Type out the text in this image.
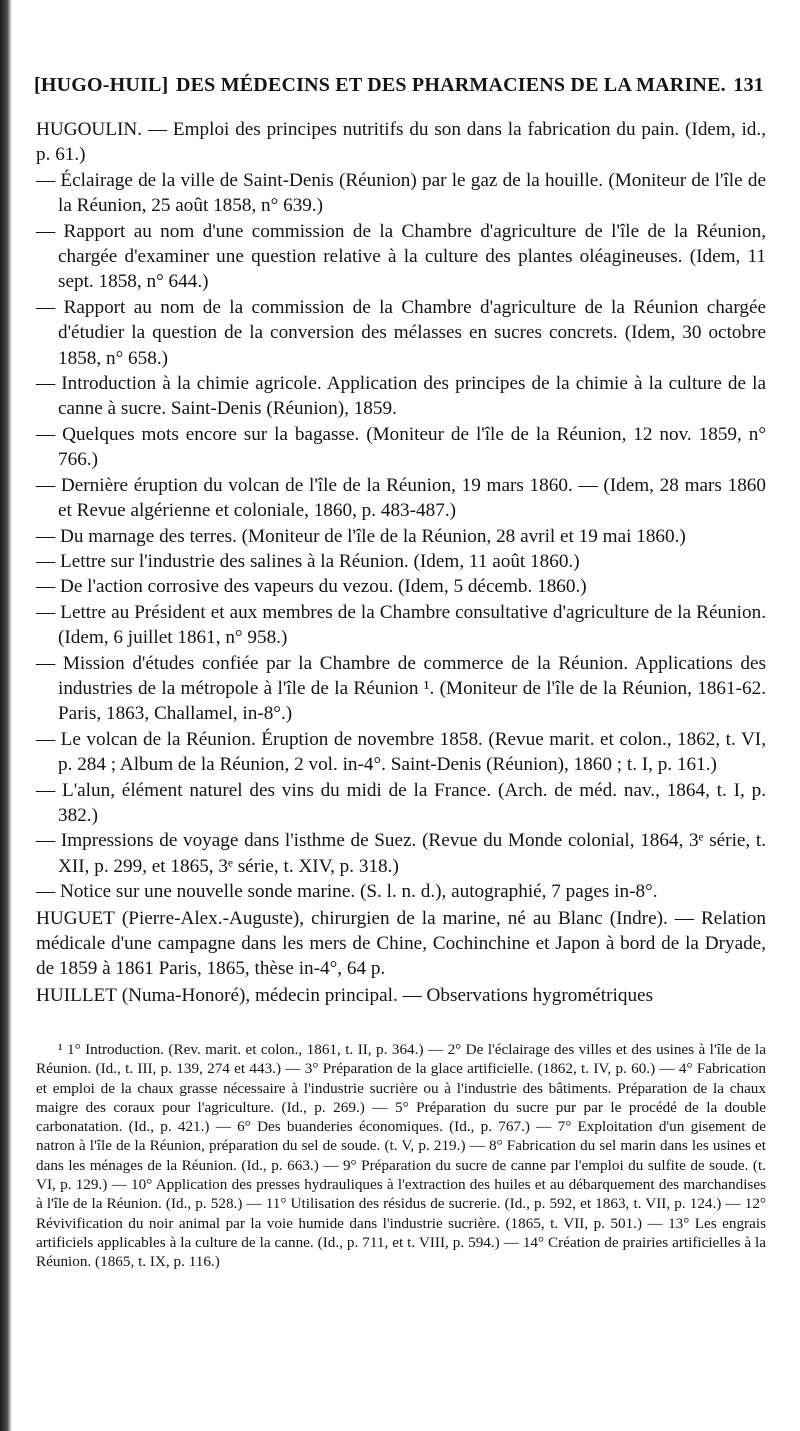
[HUGO-HUIL] DES MÉDECINS ET DES PHARMACIENS DE LA MARINE. 131

HUGOULIN. — Emploi des principes nutritifs du son dans la fabrication du pain. (Idem, id., p. 61.)

— Éclairage de la ville de Saint-Denis (Réunion) par le gaz de la houille. (Moniteur de l'île de la Réunion, 25 août 1858, n° 639.)

— Rapport au nom d'une commission de la Chambre d'agriculture de l'île de la Réunion, chargée d'examiner une question relative à la culture des plantes oléagineuses. (Idem, 11 sept. 1858, n° 644.)

— Rapport au nom de la commission de la Chambre d'agriculture de la Réunion chargée d'étudier la question de la conversion des mélasses en sucres concrets. (Idem, 30 octobre 1858, n° 658.)

— Introduction à la chimie agricole. Application des principes de la chimie à la culture de la canne à sucre. Saint-Denis (Réunion), 1859.

— Quelques mots encore sur la bagasse. (Moniteur de l'île de la Réunion, 12 nov. 1859, n° 766.)

— Dernière éruption du volcan de l'île de la Réunion, 19 mars 1860. — (Idem, 28 mars 1860 et Revue algérienne et coloniale, 1860, p. 483-487.)

— Du marnage des terres. (Moniteur de l'île de la Réunion, 28 avril et 19 mai 1860.)

— Lettre sur l'industrie des salines à la Réunion. (Idem, 11 août 1860.)

— De l'action corrosive des vapeurs du vezou. (Idem, 5 décemb. 1860.)

— Lettre au Président et aux membres de la Chambre consultative d'agriculture de la Réunion. (Idem, 6 juillet 1861, n° 958.)

— Mission d'études confiée par la Chambre de commerce de la Réunion. Applications des industries de la métropole à l'île de la Réunion ¹. (Moniteur de l'île de la Réunion, 1861-62. Paris, 1863, Challamel, in-8°.)

— Le volcan de la Réunion. Éruption de novembre 1858. (Revue marit. et colon., 1862, t. VI, p. 284 ; Album de la Réunion, 2 vol. in-4°. Saint-Denis (Réunion), 1860 ; t. I, p. 161.)

— L'alun, élément naturel des vins du midi de la France. (Arch. de méd. nav., 1864, t. I, p. 382.)

— Impressions de voyage dans l'isthme de Suez. (Revue du Monde colonial, 1864, 3ᵉ série, t. XII, p. 299, et 1865, 3ᵉ série, t. XIV, p. 318.)

— Notice sur une nouvelle sonde marine. (S. l. n. d.), autographié, 7 pages in-8°.

HUGUET (Pierre-Alex.-Auguste), chirurgien de la marine, né au Blanc (Indre). — Relation médicale d'une campagne dans les mers de Chine, Cochinchine et Japon à bord de la Dryade, de 1859 à 1861 Paris, 1865, thèse in-4°, 64 p.

HUILLET (Numa-Honoré), médecin principal. — Observations hygrométriques

¹ 1° Introduction. (Rev. marit. et colon., 1861, t. II, p. 364.) — 2° De l'éclairage des villes et des usines à l'île de la Réunion. (Id., t. III, p. 139, 274 et 443.) — 3° Préparation de la glace artificielle. (1862, t. IV, p. 60.) — 4° Fabrication et emploi de la chaux grasse nécessaire à l'industrie sucrière ou à l'industrie des bâtiments. Préparation de la chaux maigre des coraux pour l'agriculture. (Id., p. 269.) — 5° Préparation du sucre pur par le procédé de la double carbonatation. (Id., p. 421.) — 6° Des buanderies économiques. (Id., p. 767.) — 7° Exploitation d'un gisement de natron à l'île de la Réunion, préparation du sel de soude. (t. V, p. 219.) — 8° Fabrication du sel marin dans les usines et dans les ménages de la Réunion. (Id., p. 663.) — 9° Préparation du sucre de canne par l'emploi du sulfite de soude. (t. VI, p. 129.) — 10° Application des presses hydrauliques à l'extraction des huiles et au débarquement des marchandises à l'île de la Réunion. (Id., p. 528.) — 11° Utilisation des résidus de sucrerie. (Id., p. 592, et 1863, t. VII, p. 124.) — 12° Révivification du noir animal par la voie humide dans l'industrie sucrière. (1865, t. VII, p. 501.) — 13° Les engrais artificiels applicables à la culture de la canne. (Id., p. 711, et t. VIII, p. 594.) — 14° Création de prairies artificielles à la Réunion. (1865, t. IX, p. 116.)
